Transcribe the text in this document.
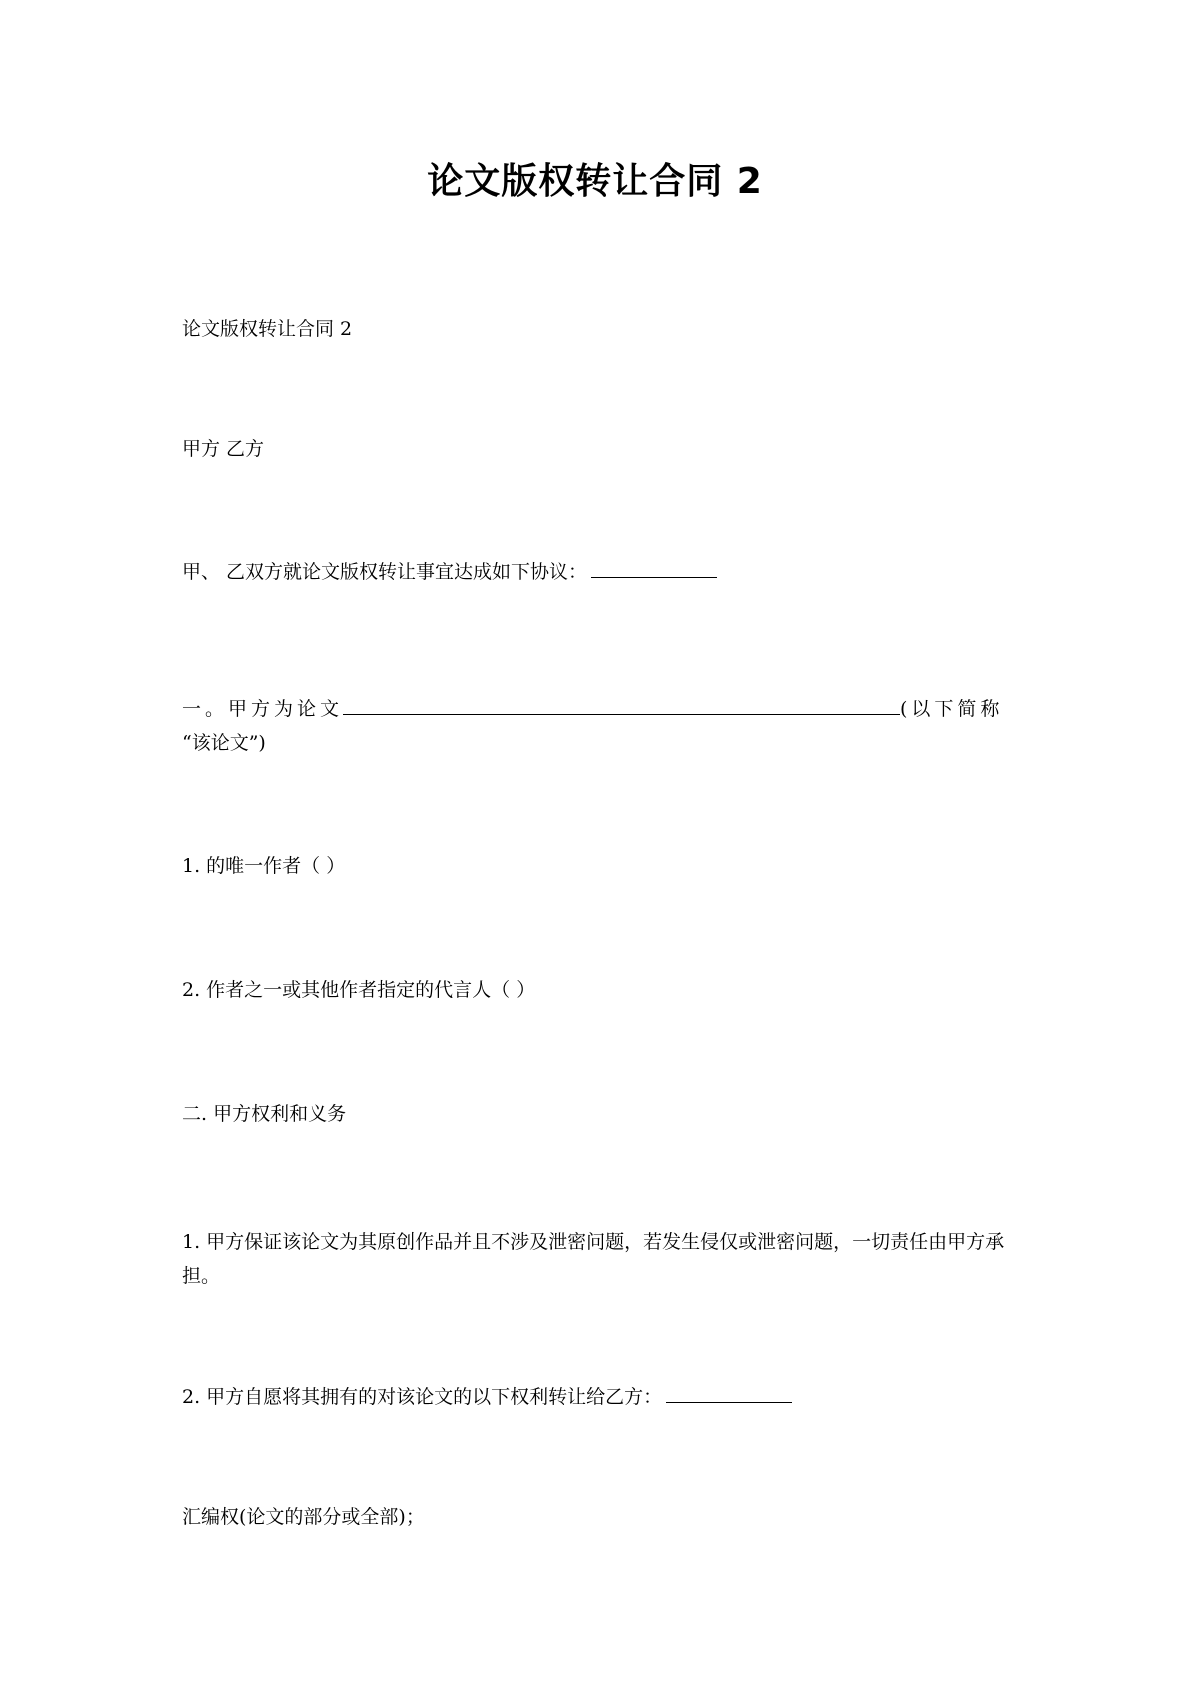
论文版权转让合同 2
论文版权转让合同 2
甲方 乙方
甲、 乙双方就论文版权转让事宜达成如下协议：
一。甲方为论文	(以下简称
“该论文”)
1. 的唯一作者（ ）
2. 作者之一或其他作者指定的代言人（ ）
二. 甲方权利和义务
1. 甲方保证该论文为其原创作品并且不涉及泄密问题，若发生侵仅或泄密问题，一切责任由甲方承担。
2. 甲方自愿将其拥有的对该论文的以下权利转让给乙方：
汇编权(论文的部分或全部)；
